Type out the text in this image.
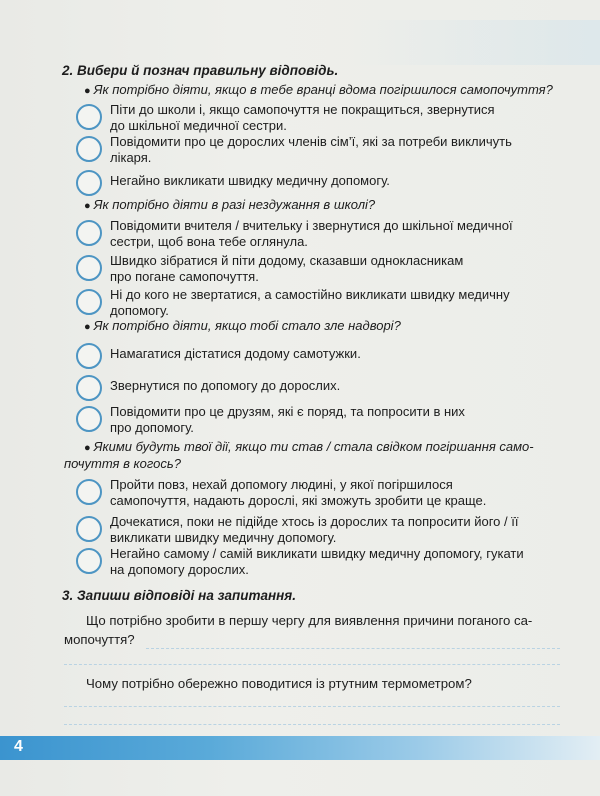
2. Вибери й познач правильну відповідь.
● Як потрібно діяти, якщо в тебе вранці вдома погіршилося самопочуття?
Піти до школи і, якщо самопочуття не покращиться, звернутися
до шкільної медичної сестри.
Повідомити про це дорослих членів сім’ї, які за потреби викличуть
лікаря.
Негайно викликати швидку медичну допомогу.
● Як потрібно діяти в разі нездужання в школі?
Повідомити вчителя / вчительку і звернутися до шкільної медичної
сестри, щоб вона тебе оглянула.
Швидко зібратися й піти додому, сказавши однокласникам
про погане самопочуття.
Ні до кого не звертатися, а самостійно викликати швидку медичну
допомогу.
● Як потрібно діяти, якщо тобі стало зле надворі?
Намагатися дістатися додому самотужки.
Звернутися по допомогу до дорослих.
Повідомити про це друзям, які є поряд, та попросити в них
про допомогу.
● Якими будуть твої дії, якщо ти став / стала свідком погіршання само-
почуття в когось?
Пройти повз, нехай допомогу людині, у якої погіршилося
самопочуття, надають дорослі, які зможуть зробити це краще.
Дочекатися, поки не підійде хтось із дорослих та попросити його / її
викликати швидку медичну допомогу.
Негайно самому / самій викликати швидку медичну допомогу, гукати
на допомогу дорослих.
3. Запиши відповіді на запитання.
Що потрібно зробити в першу чергу для виявлення причини поганого са-
мопочуття?
Чому потрібно обережно поводитися із ртутним термометром?
4
